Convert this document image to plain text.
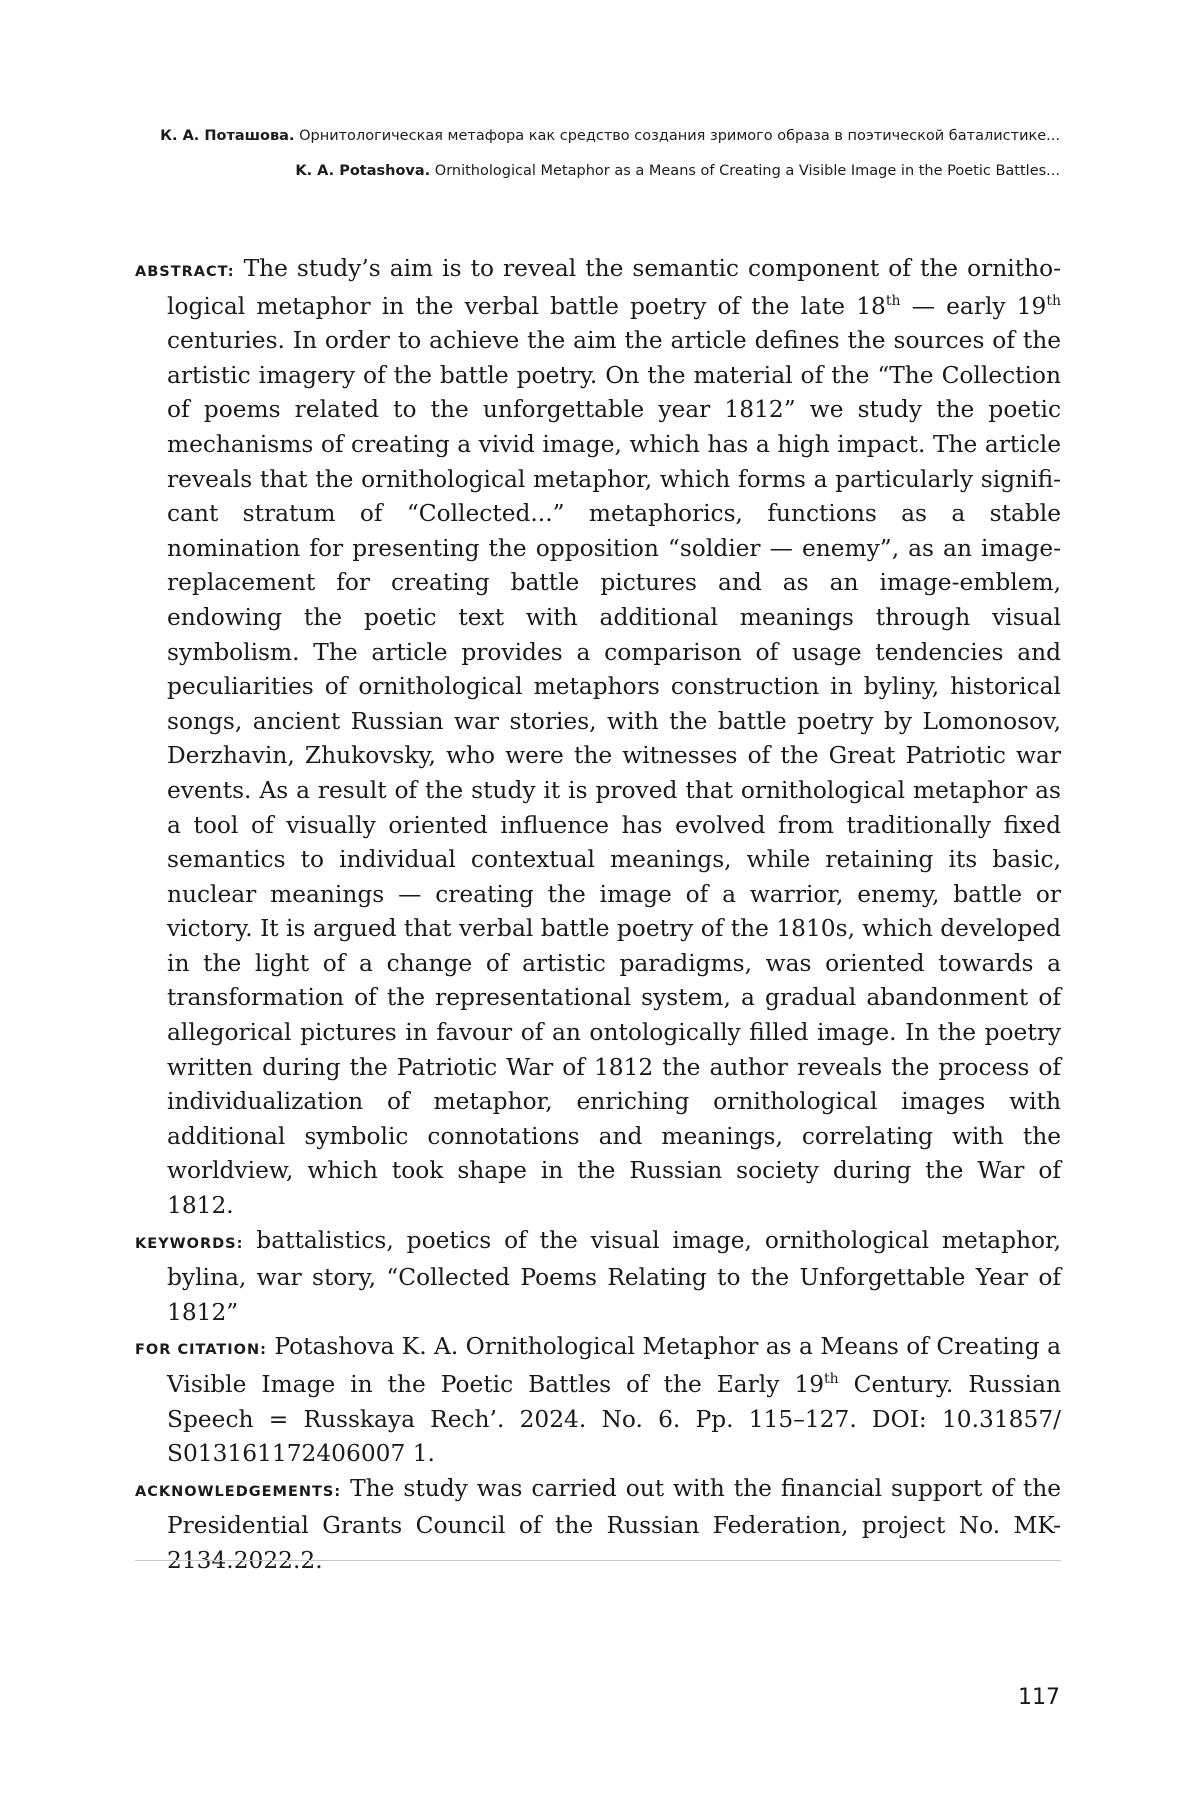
К. А. Поташова. Орнитологическая метафора как средство создания зримого образа в поэтической баталистике...
K. A. Potashova. Ornithological Metaphor as a Means of Creating a Visible Image in the Poetic Battles...
ABSTRACT: The study’s aim is to reveal the semantic component of the ornithological metaphor in the verbal battle poetry of the late 18th — early 19th centuries. In order to achieve the aim the article defines the sources of the artistic imagery of the battle poetry. On the material of the “The Collection of poems related to the unforgettable year 1812” we study the poetic mechanisms of creating a vivid image, which has a high impact. The article reveals that the ornithological metaphor, which forms a particularly significant stratum of “Collected...” metaphorics, functions as a stable nomination for presenting the opposition “soldier — enemy”, as an image-replacement for creating battle pictures and as an image-emblem, endowing the poetic text with additional meanings through visual symbolism. The article provides a comparison of usage tendencies and peculiarities of ornithological metaphors construction in byliny, historical songs, ancient Russian war stories, with the battle poetry by Lomonosov, Derzhavin, Zhukovsky, who were the witnesses of the Great Patriotic war events. As a result of the study it is proved that ornithological metaphor as a tool of visually oriented influence has evolved from traditionally fixed semantics to individual contextual meanings, while retaining its basic, nuclear meanings — creating the image of a warrior, enemy, battle or victory. It is argued that verbal battle poetry of the 1810s, which developed in the light of a change of artistic paradigms, was oriented towards a transformation of the representational system, a gradual abandonment of allegorical pictures in favour of an ontologically filled image. In the poetry written during the Patriotic War of 1812 the author reveals the process of individualization of metaphor, enriching ornithological images with additional symbolic connotations and meanings, correlating with the worldview, which took shape in the Russian society during the War of 1812.
KEYWORDS: battalistics, poetics of the visual image, ornithological metaphor, bylina, war story, “Collected Poems Relating to the Unforgettable Year of 1812”
FOR CITATION: Potashova K. A. Ornithological Metaphor as a Means of Creating a Visible Image in the Poetic Battles of the Early 19th Century. Russian Speech = Russkaya Rech’. 2024. No. 6. Pp. 115–127. DOI: 10.31857/​S013161172406007 1.
ACKNOWLEDGEMENTS: The study was carried out with the financial support of the Presidential Grants Council of the Russian Federation, project No. MK-2134.2022.2.
117
